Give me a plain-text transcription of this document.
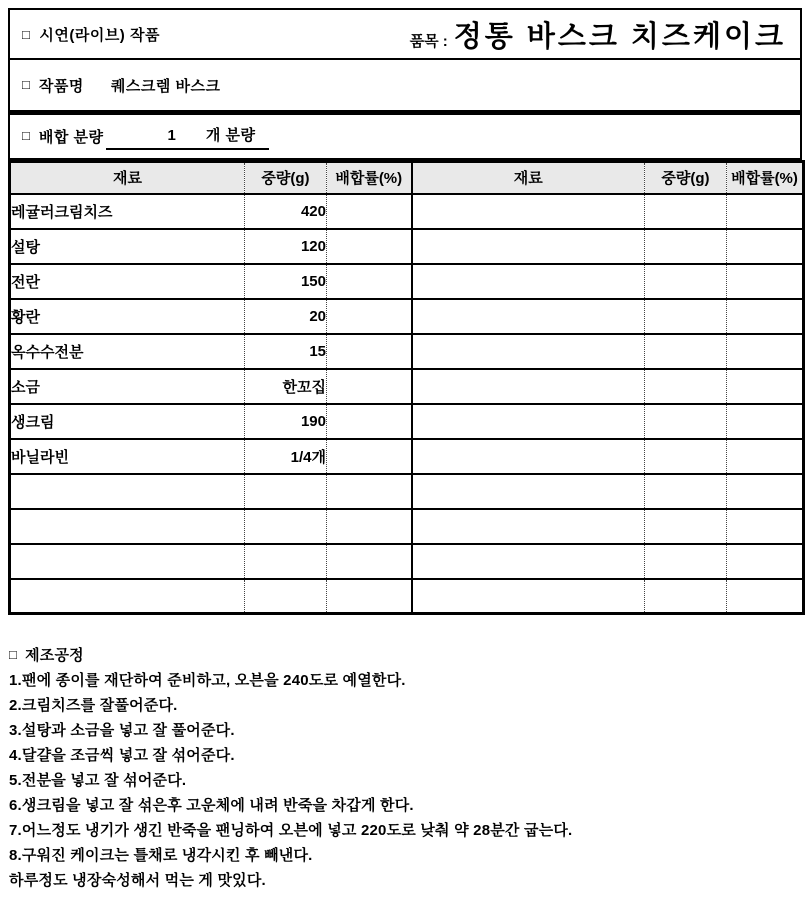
□ 시연(라이브) 작품	품목 : 정통 바스크 치즈케이크
□ 작품명 퀘스크렘 바스크
□ 배합 분량	1 개 분량
재료	중량(g)	배합률(%)	재료	중량(g)	배합률(%)
레귤러크림치즈	420				
설탕	120				
전란	150				
황란	20				
옥수수전분	15				
소금	한꼬집				
생크림	190				
바닐라빈	1/4개				

□ 제조공정
1.팬에 종이를 재단하여 준비하고, 오븐을 240도로 예열한다.
2.크림치즈를 잘풀어준다.
3.설탕과 소금을 넣고 잘 풀어준다.
4.달걀을 조금씩 넣고 잘 섞어준다.
5.전분을 넣고 잘 섞어준다.
6.생크림을 넣고 잘 섞은후 고운체에 내려 반죽을 차갑게 한다.
7.어느정도 냉기가 생긴 반죽을 팬닝하여 오븐에 넣고 220도로 낮춰 약 28분간 굽는다.
8.구워진 케이크는 틀채로 냉각시킨 후 빼낸다.
하루정도 냉장숙성해서 먹는 게 맛있다.
